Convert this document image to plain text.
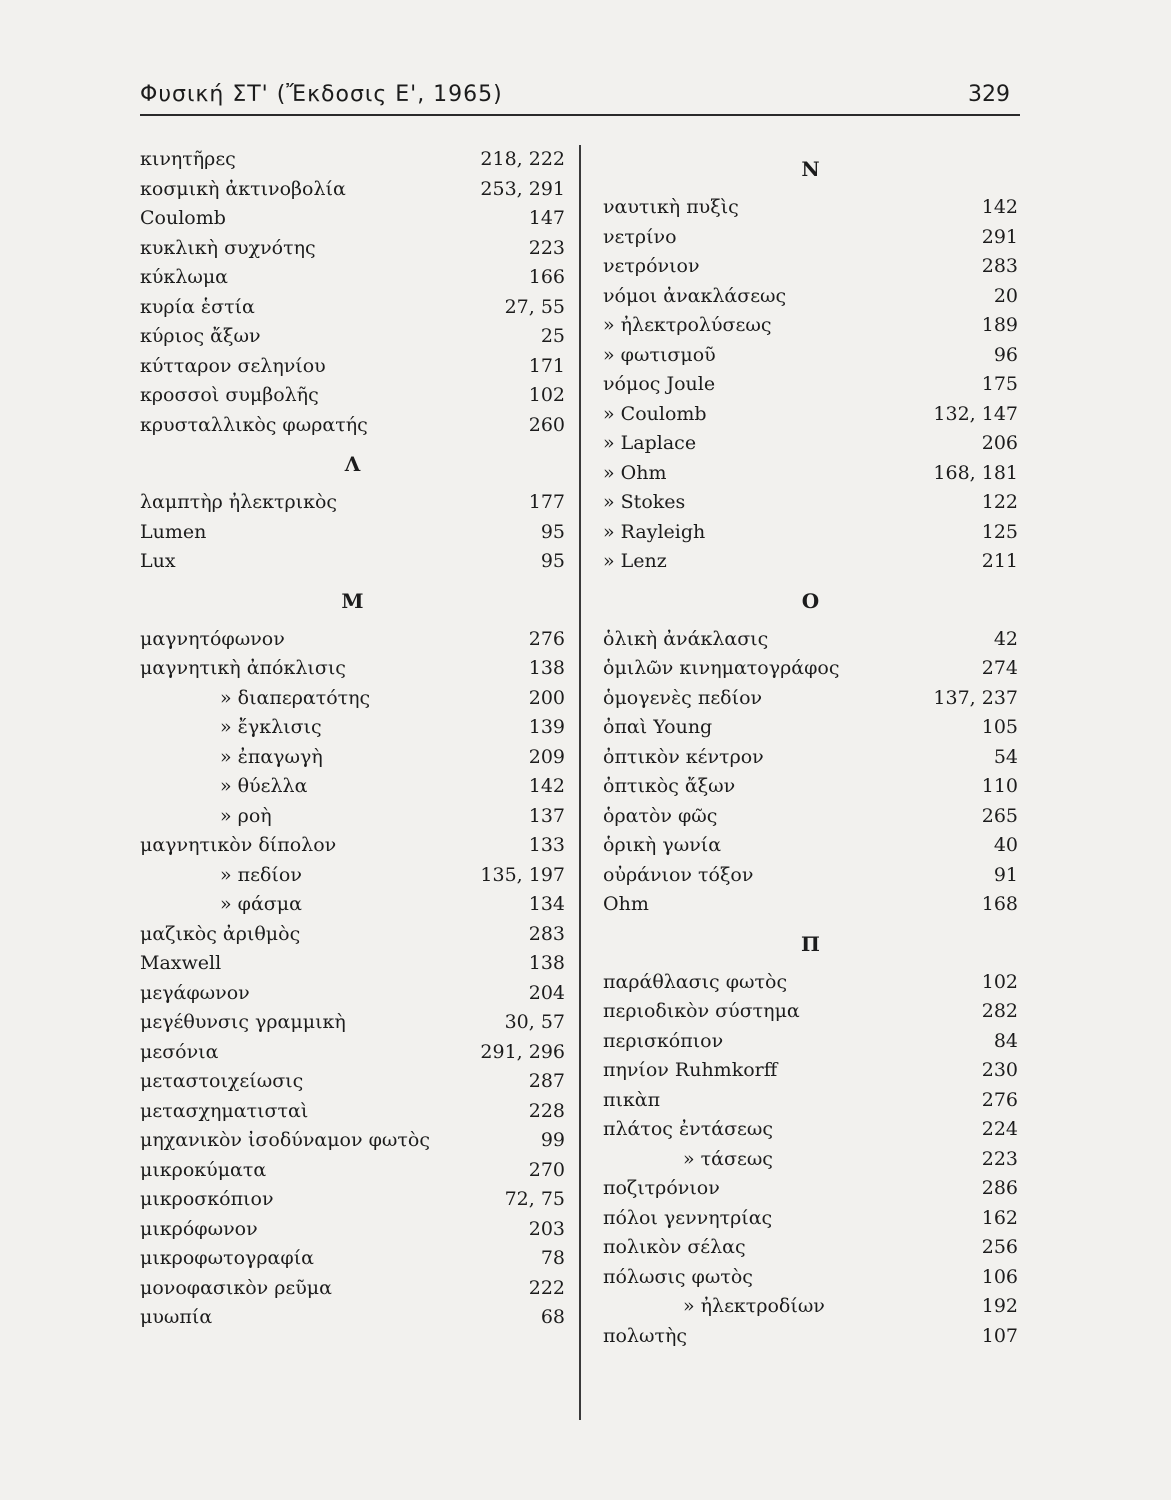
Φυσική ΣΤ' (Ἔκδοσις Ε', 1965)	329
κινητῆρες	218, 222
κοσμικὴ ἀκτινοβολία	253, 291
Coulomb	147
κυκλικὴ συχνότης	223
κύκλωμα	166
κυρία ἑστία	27, 55
κύριος ἄξων	25
κύτταρον σεληνίου	171
κροσσοὶ συμβολῆς	102
κρυσταλλικὸς φωρατής	260
Λ
λαμπτὴρ ἠλεκτρικὸς	177
Lumen	95
Lux	95
Μ
μαγνητόφωνον	276
μαγνητικὴ ἀπόκλισις	138
» διαπερατότης	200
» ἔγκλισις	139
» ἐπαγωγὴ	209
» θύελλα	142
» ροὴ	137
μαγνητικὸν δίπολον	133
» πεδίον	135, 197
» φάσμα	134
μαζικὸς ἀριθμὸς	283
Maxwell	138
μεγάφωνον	204
μεγέθυνσις γραμμικὴ	30, 57
μεσόνια	291, 296
μεταστοιχείωσις	287
μετασχηματισταὶ	228
μηχανικὸν ἰσοδύναμον φωτὸς	99
μικροκύματα	270
μικροσκόπιον	72, 75
μικρόφωνον	203
μικροφωτογραφία	78
μονοφασικὸν ρεῦμα	222
μυωπία	68
Ν
ναυτικὴ πυξὶς	142
νετρίνο	291
νετρόνιον	283
νόμοι ἀνακλάσεως	20
» ἠλεκτρολύσεως	189
» φωτισμοῦ	96
νόμος Joule	175
» Coulomb	132, 147
» Laplace	206
» Ohm	168, 181
» Stokes	122
» Rayleigh	125
» Lenz	211
Ο
ὁλικὴ ἀνάκλασις	42
ὁμιλῶν κινηματογράφος	274
ὁμογενὲς πεδίον	137, 237
ὀπαὶ Young	105
ὀπτικὸν κέντρον	54
ὀπτικὸς ἄξων	110
ὁρατὸν φῶς	265
ὁρικὴ γωνία	40
οὐράνιον τόξον	91
Ohm	168
Π
παράθλασις φωτὸς	102
περιοδικὸν σύστημα	282
περισκόπιον	84
πηνίον Ruhmkorff	230
πικὰπ	276
πλάτος ἐντάσεως	224
» τάσεως	223
ποζιτρόνιον	286
πόλοι γεννητρίας	162
πολικὸν σέλας	256
πόλωσις φωτὸς	106
» ἠλεκτροδίων	192
πολωτὴς	107
